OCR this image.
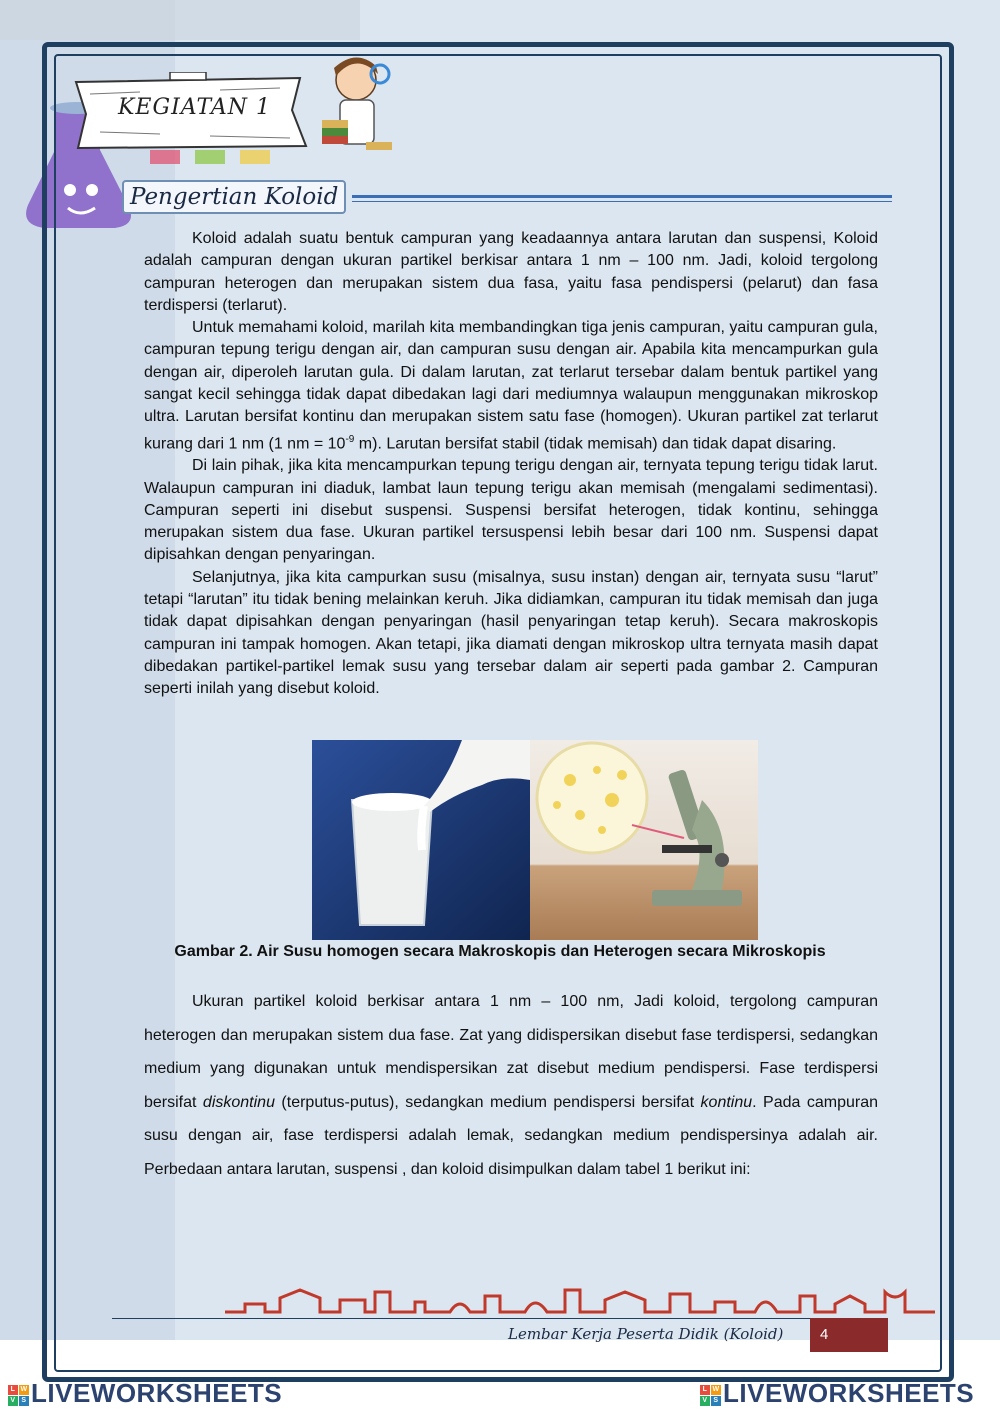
KEGIATAN 1
Pengertian Koloid

Koloid adalah suatu bentuk campuran yang keadaannya antara larutan dan suspensi, Koloid adalah campuran dengan ukuran partikel berkisar antara 1 nm – 100 nm. Jadi, koloid tergolong campuran heterogen dan merupakan sistem dua fasa, yaitu fasa pendispersi (pelarut) dan fasa terdispersi (terlarut).

Untuk memahami koloid, marilah kita membandingkan tiga jenis campuran, yaitu campuran gula, campuran tepung terigu dengan air, dan campuran susu dengan air. Apabila kita mencampurkan gula dengan air, diperoleh larutan gula. Di dalam larutan, zat terlarut tersebar dalam bentuk partikel yang sangat kecil sehingga tidak dapat dibedakan lagi dari mediumnya walaupun menggunakan mikroskop ultra. Larutan bersifat kontinu dan merupakan sistem satu fase (homogen). Ukuran partikel zat terlarut kurang dari 1 nm (1 nm = $10^{-9}$ m). Larutan bersifat stabil (tidak memisah) dan tidak dapat disaring.

Di lain pihak, jika kita mencampurkan tepung terigu dengan air, ternyata tepung terigu tidak larut. Walaupun campuran ini diaduk, lambat laun tepung terigu akan memisah (mengalami sedimentasi). Campuran seperti ini disebut suspensi. Suspensi bersifat heterogen, tidak kontinu, sehingga merupakan sistem dua fase. Ukuran partikel tersuspensi lebih besar dari 100 nm. Suspensi dapat dipisahkan dengan penyaringan.

Selanjutnya, jika kita campurkan susu (misalnya, susu instan) dengan air, ternyata susu “larut” tetapi “larutan” itu tidak bening melainkan keruh. Jika didiamkan, campuran itu tidak memisah dan juga tidak dapat dipisahkan dengan penyaringan (hasil penyaringan tetap keruh). Secara makroskopis campuran ini tampak homogen. Akan tetapi, jika diamati dengan mikroskop ultra ternyata masih dapat dibedakan partikel-partikel lemak susu yang tersebar dalam air seperti pada gambar 2. Campuran seperti inilah yang disebut koloid.

Gambar 2. Air Susu homogen secara Makroskopis dan Heterogen secara Mikroskopis

Ukuran partikel koloid berkisar antara 1 nm – 100 nm, Jadi koloid, tergolong campuran heterogen dan merupakan sistem dua fase. Zat yang didispersikan disebut fase terdispersi, sedangkan medium yang digunakan untuk mendispersikan zat disebut medium pendispersi. Fase terdispersi bersifat diskontinu (terputus-putus), sedangkan medium pendispersi bersifat kontinu. Pada campuran susu dengan air, fase terdispersi adalah lemak, sedangkan medium pendispersinya adalah air. Perbedaan antara larutan, suspensi , dan koloid disimpulkan dalam tabel 1 berikut ini:

Lembar Kerja Peserta Didik (Koloid)	4
L W
V S LIVEWORKSHEETS	L W
V S LIVEWORKSHEETS
